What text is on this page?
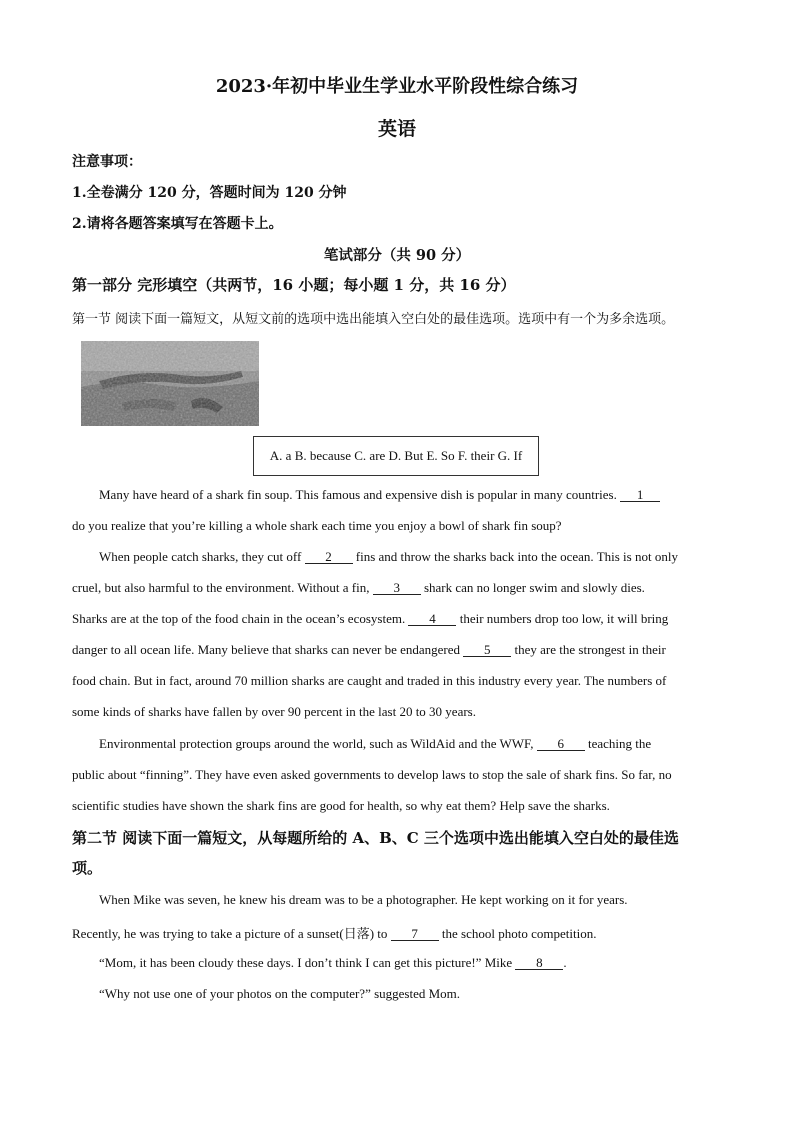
2023·年初中毕业生学业水平阶段性综合练习
英语
注意事项：
1.全卷满分 120 分，答题时间为 120 分钟
2.请将各题答案填写在答题卡上。
笔试部分（共 90 分）
第一部分 完形填空（共两节，16 小题；每小题 1 分，共 16 分）
第一节 阅读下面一篇短文，从短文前的选项中选出能填入空白处的最佳选项。选项中有一个为多余选项。
A. a B. because C. are D. But E. So F. their G. If
Many have heard of a shark fin soup. This famous and expensive dish is popular in many countries. 1
do you realize that you’re killing a whole shark each time you enjoy a bowl of shark fin soup?
When people catch sharks, they cut off 2 fins and throw the sharks back into the ocean. This is not only
cruel, but also harmful to the environment. Without a fin, 3 shark can no longer swim and slowly dies.
Sharks are at the top of the food chain in the ocean’s ecosystem. 4 their numbers drop too low, it will bring
danger to all ocean life. Many believe that sharks can never be endangered 5 they are the strongest in their
food chain. But in fact, around 70 million sharks are caught and traded in this industry every year. The numbers of
some kinds of sharks have fallen by over 90 percent in the last 20 to 30 years.
Environmental protection groups around the world, such as WildAid and the WWF, 6 teaching the
public about “finning”. They have even asked governments to develop laws to stop the sale of shark fins. So far, no
scientific studies have shown the shark fins are good for health, so why eat them? Help save the sharks.
第二节 阅读下面一篇短文，从每题所给的 A、B、C 三个选项中选出能填入空白处的最佳选
项。
When Mike was seven, he knew his dream was to be a photographer. He kept working on it for years.
Recently, he was trying to take a picture of a sunset(日落) to 7 the school photo competition.
“Mom, it has been cloudy these days. I don’t think I can get this picture!” Mike 8 .
“Why not use one of your photos on the computer?” suggested Mom.
